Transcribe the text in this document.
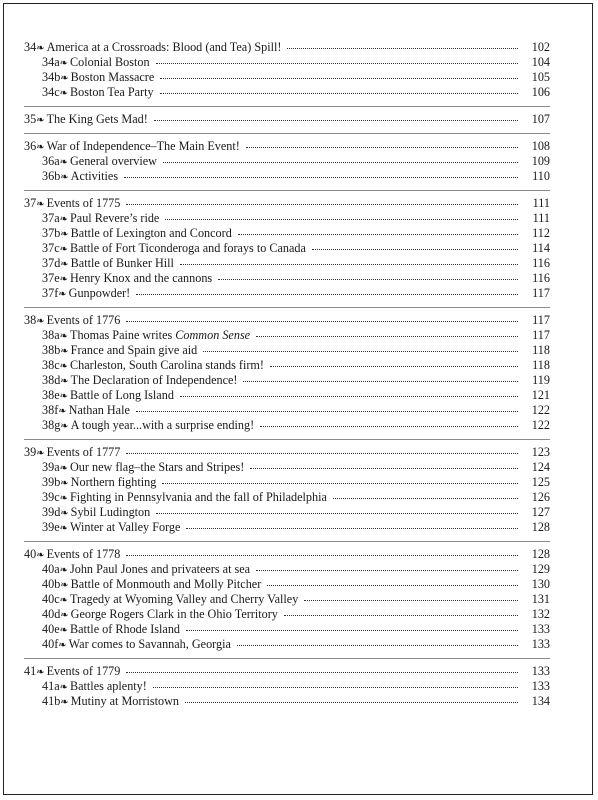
34 ❧ America at a Crossroads: Blood (and Tea) Spill!	102
34a ❧ Colonial Boston	104
34b ❧ Boston Massacre	105
34c ❧ Boston Tea Party	106
35 ❧ The King Gets Mad!	107
36 ❧ War of Independence–The Main Event!	108
36a ❧ General overview	109
36b ❧ Activities	110
37 ❧ Events of 1775	111
37a ❧ Paul Revere’s ride	111
37b ❧ Battle of Lexington and Concord	112
37c ❧ Battle of Fort Ticonderoga and forays to Canada	114
37d ❧ Battle of Bunker Hill	116
37e ❧ Henry Knox and the cannons	116
37f ❧ Gunpowder!	117
38 ❧ Events of 1776	117
38a ❧ Thomas Paine writes Common Sense	117
38b ❧ France and Spain give aid	118
38c ❧ Charleston, South Carolina stands firm!	118
38d ❧ The Declaration of Independence!	119
38e ❧ Battle of Long Island	121
38f ❧ Nathan Hale	122
38g ❧ A tough year...with a surprise ending!	122
39 ❧ Events of 1777	123
39a ❧ Our new flag–the Stars and Stripes!	124
39b ❧ Northern fighting	125
39c ❧ Fighting in Pennsylvania and the fall of Philadelphia	126
39d ❧ Sybil Ludington	127
39e ❧ Winter at Valley Forge	128
40 ❧ Events of 1778	128
40a ❧ John Paul Jones and privateers at sea	129
40b ❧ Battle of Monmouth and Molly Pitcher	130
40c ❧ Tragedy at Wyoming Valley and Cherry Valley	131
40d ❧ George Rogers Clark in the Ohio Territory	132
40e ❧ Battle of Rhode Island	133
40f ❧ War comes to Savannah, Georgia	133
41 ❧ Events of 1779	133
41a ❧ Battles aplenty!	133
41b ❧ Mutiny at Morristown	134
